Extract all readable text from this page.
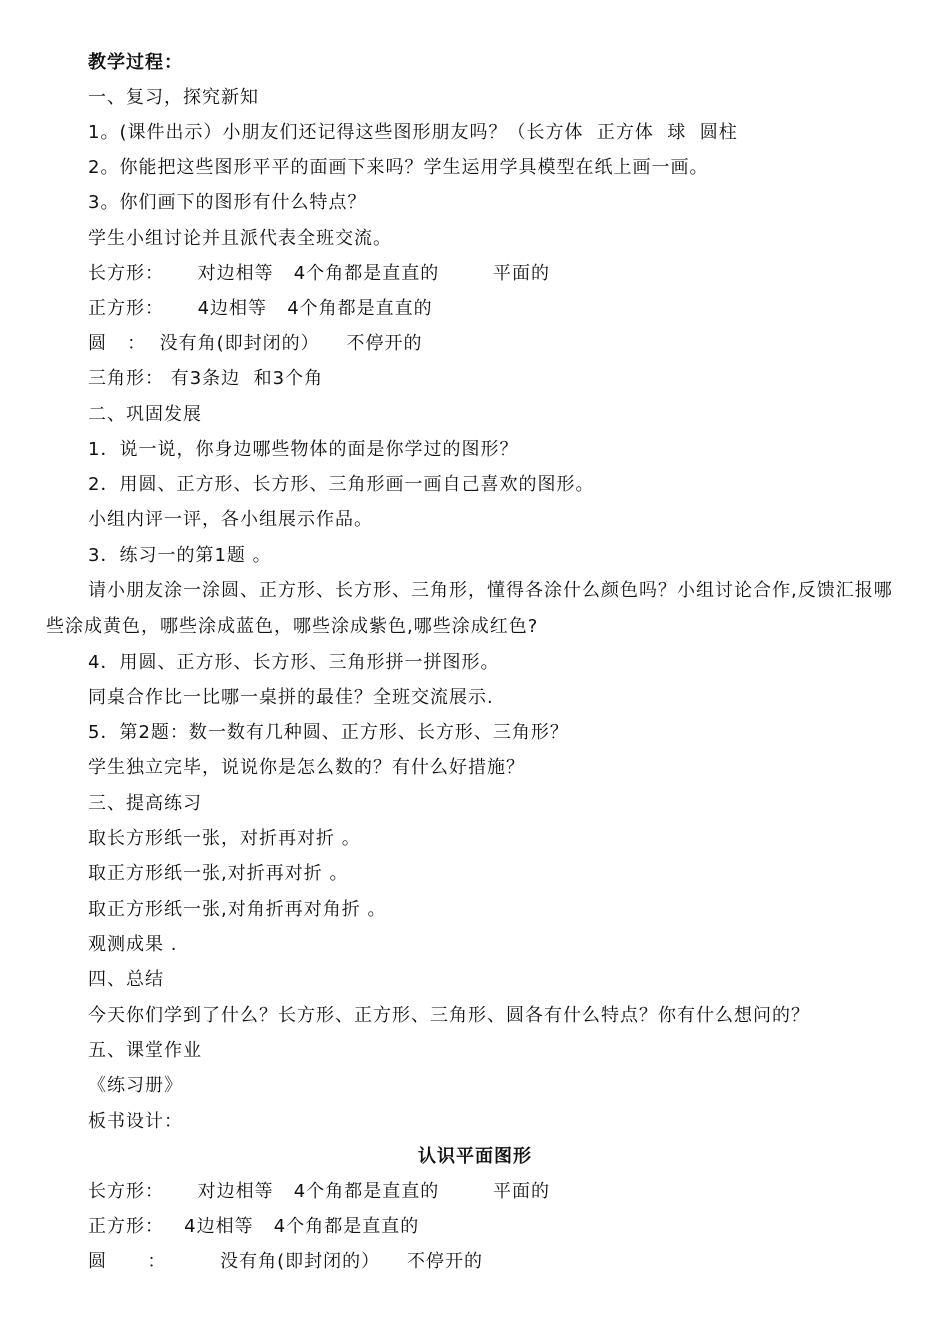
教学过程：
一、复习，探究新知
1。(课件出示）小朋友们还记得这些图形朋友吗？（长方体  正方体  球  圆柱
2。你能把这些图形平平的面画下来吗？学生运用学具模型在纸上画一画。
3。你们画下的图形有什么特点？
学生小组讨论并且派代表全班交流。
长方形：     对边相等   4个角都是直直的        平面的
正方形：     4边相等   4个角都是直直的
圆   ：  没有角(即封闭的）    不停开的
三角形： 有3条边  和3个角
二、巩固发展
1．说一说，你身边哪些物体的面是你学过的图形？
2．用圆、正方形、长方形、三角形画一画自己喜欢的图形。
小组内评一评，各小组展示作品。
3．练习一的第1题 。
请小朋友涂一涂圆、正方形、长方形、三角形，懂得各涂什么颜色吗？小组讨论合作,反馈汇报哪些涂成黄色，哪些涂成蓝色，哪些涂成紫色,哪些涂成红色?
4．用圆、正方形、长方形、三角形拼一拼图形。
同桌合作比一比哪一桌拼的最佳？全班交流展示.
5．第2题：数一数有几种圆、正方形、长方形、三角形？
学生独立完毕，说说你是怎么数的？有什么好措施？
三、提高练习
取长方形纸一张，对折再对折 。
取正方形纸一张,对折再对折 。
取正方形纸一张,对角折再对角折 。
观测成果 .
四、总结
今天你们学到了什么？长方形、正方形、三角形、圆各有什么特点？你有什么想问的？
五、课堂作业
《练习册》
板书设计：
认识平面图形
长方形：     对边相等   4个角都是直直的        平面的
正方形：   4边相等   4个角都是直直的
圆      ：        没有角(即封闭的）    不停开的
